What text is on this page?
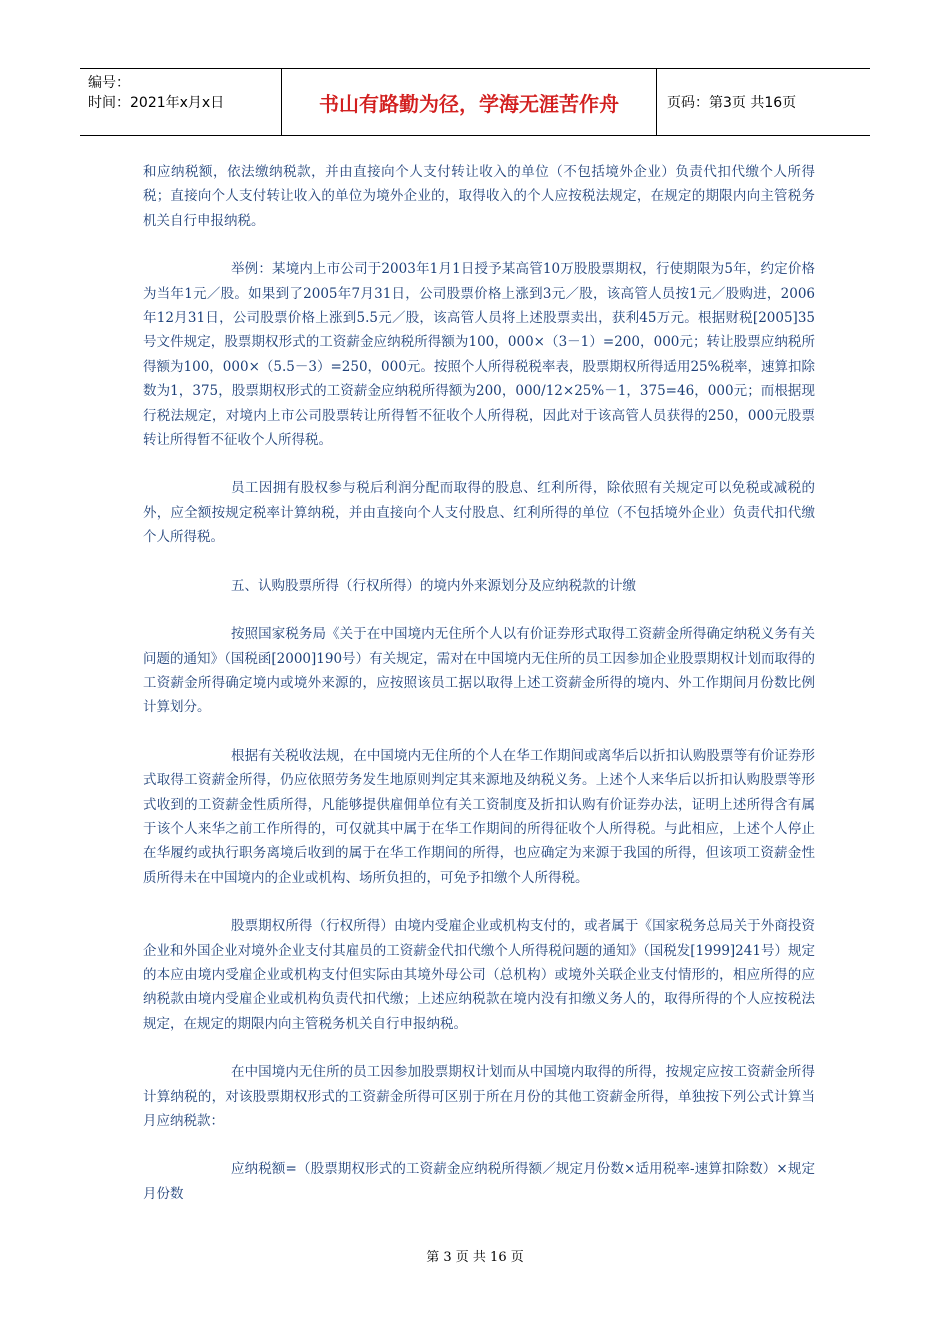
编号：
时间：2021年x月x日	书山有路勤为径，学海无涯苦作舟	页码：第3页 共16页

和应纳税额，依法缴纳税款，并由直接向个人支付转让收入的单位（不包括境外企业）负责代扣代缴个人所得税；直接向个人支付转让收入的单位为境外企业的，取得收入的个人应按税法规定，在规定的期限内向主管税务机关自行申报纳税。

举例：某境内上市公司于2003年1月1日授予某高管10万股股票期权，行使期限为5年，约定价格为当年1元／股。如果到了2005年7月31日，公司股票价格上涨到3元／股，该高管人员按1元／股购进，2006年12月31日，公司股票价格上涨到5.5元／股，该高管人员将上述股票卖出，获利45万元。根据财税[2005]35号文件规定，股票期权形式的工资薪金应纳税所得额为100，000×（3－1）=200，000元；转让股票应纳税所得额为100，000×（5.5－3）=250，000元。按照个人所得税税率表，股票期权所得适用25%税率，速算扣除数为1，375，股票期权形式的工资薪金应纳税所得额为200，000/12×25%－1，375=46，000元；而根据现行税法规定，对境内上市公司股票转让所得暂不征收个人所得税，因此对于该高管人员获得的250，000元股票转让所得暂不征收个人所得税。

员工因拥有股权参与税后利润分配而取得的股息、红利所得，除依照有关规定可以免税或减税的外，应全额按规定税率计算纳税，并由直接向个人支付股息、红利所得的单位（不包括境外企业）负责代扣代缴个人所得税。

五、认购股票所得（行权所得）的境内外来源划分及应纳税款的计缴

按照国家税务局《关于在中国境内无住所个人以有价证券形式取得工资薪金所得确定纳税义务有关问题的通知》（国税函[2000]190号）有关规定，需对在中国境内无住所的员工因参加企业股票期权计划而取得的工资薪金所得确定境内或境外来源的，应按照该员工据以取得上述工资薪金所得的境内、外工作期间月份数比例计算划分。

根据有关税收法规，在中国境内无住所的个人在华工作期间或离华后以折扣认购股票等有价证券形式取得工资薪金所得，仍应依照劳务发生地原则判定其来源地及纳税义务。上述个人来华后以折扣认购股票等形式收到的工资薪金性质所得，凡能够提供雇佣单位有关工资制度及折扣认购有价证券办法，证明上述所得含有属于该个人来华之前工作所得的，可仅就其中属于在华工作期间的所得征收个人所得税。与此相应，上述个人停止在华履约或执行职务离境后收到的属于在华工作期间的所得，也应确定为来源于我国的所得，但该项工资薪金性质所得未在中国境内的企业或机构、场所负担的，可免予扣缴个人所得税。

股票期权所得（行权所得）由境内受雇企业或机构支付的，或者属于《国家税务总局关于外商投资企业和外国企业对境外企业支付其雇员的工资薪金代扣代缴个人所得税问题的通知》（国税发[1999]241号）规定的本应由境内受雇企业或机构支付但实际由其境外母公司（总机构）或境外关联企业支付情形的，相应所得的应纳税款由境内受雇企业或机构负责代扣代缴；上述应纳税款在境内没有扣缴义务人的，取得所得的个人应按税法规定，在规定的期限内向主管税务机关自行申报纳税。

在中国境内无住所的员工因参加股票期权计划而从中国境内取得的所得，按规定应按工资薪金所得计算纳税的，对该股票期权形式的工资薪金所得可区别于所在月份的其他工资薪金所得，单独按下列公式计算当月应纳税款：

应纳税额=（股票期权形式的工资薪金应纳税所得额／规定月份数×适用税率-速算扣除数）×规定月份数

第 3 页 共 16 页
